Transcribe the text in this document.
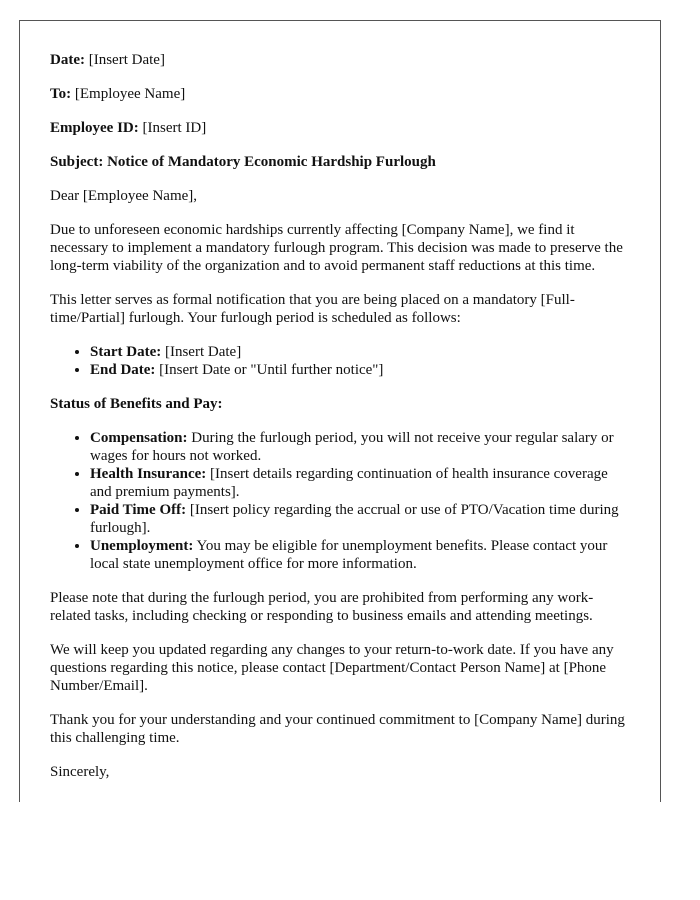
Date: [Insert Date]

To: [Employee Name]

Employee ID: [Insert ID]

Subject: Notice of Mandatory Economic Hardship Furlough

Dear [Employee Name],

Due to unforeseen economic hardships currently affecting [Company Name], we find it necessary to implement a mandatory furlough program. This decision was made to preserve the long-term viability of the organization and to avoid permanent staff reductions at this time.

This letter serves as formal notification that you are being placed on a mandatory [Full-time/Partial] furlough. Your furlough period is scheduled as follows:

• Start Date: [Insert Date]
• End Date: [Insert Date or "Until further notice"]

Status of Benefits and Pay:

• Compensation: During the furlough period, you will not receive your regular salary or wages for hours not worked.
• Health Insurance: [Insert details regarding continuation of health insurance coverage and premium payments].
• Paid Time Off: [Insert policy regarding the accrual or use of PTO/Vacation time during furlough].
• Unemployment: You may be eligible for unemployment benefits. Please contact your local state unemployment office for more information.

Please note that during the furlough period, you are prohibited from performing any work-related tasks, including checking or responding to business emails and attending meetings.

We will keep you updated regarding any changes to your return-to-work date. If you have any questions regarding this notice, please contact [Department/Contact Person Name] at [Phone Number/Email].

Thank you for your understanding and your continued commitment to [Company Name] during this challenging time.

Sincerely,
